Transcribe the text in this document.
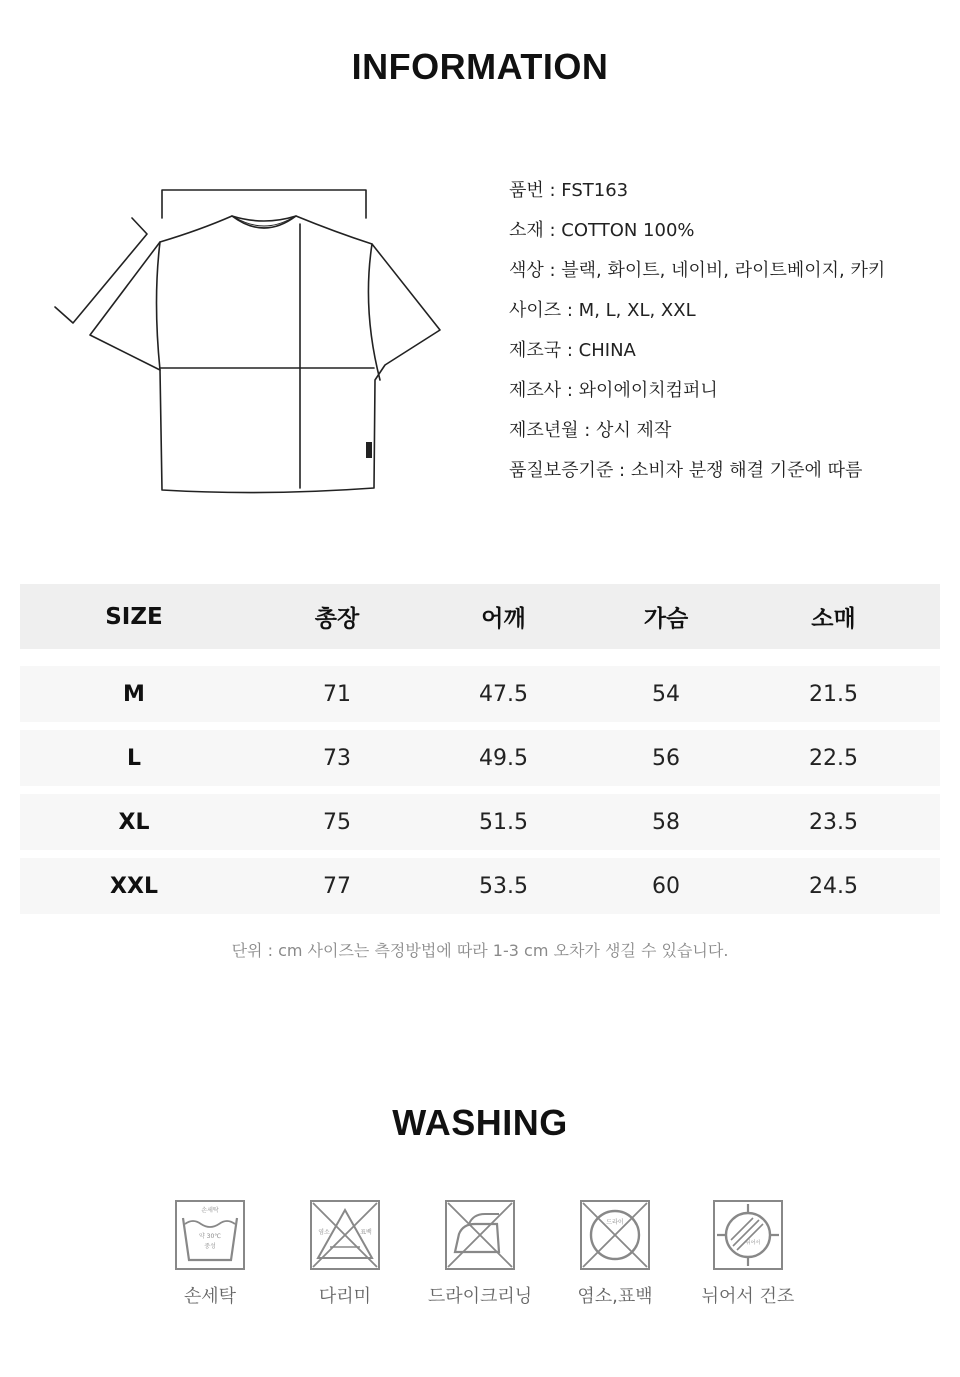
INFORMATION
품번 : FST163
소재 : COTTON 100%
색상 : 블랙, 화이트, 네이비, 라이트베이지, 카키
사이즈 : M, L, XL, XXL
제조국 : CHINA
제조사 : 와이에이치컴퍼니
제조년월 : 상시 제작
품질보증기준 : 소비자 분쟁 해결 기준에 따름
SIZE	총장	어깨	가슴	소매
M	71	47.5	54	21.5
L	73	49.5	56	22.5
XL	75	51.5	58	23.5
XXL	77	53.5	60	24.5
단위 : cm 사이즈는 측정방법에 따라 1-3 cm 오차가 생길 수 있습니다.
WASHING
손세탁
약 30℃
중성
손세탁
염소	표백
다리미	드라이크리닝
드라이
염소,표백
뉘어서
뉘어서 건조
